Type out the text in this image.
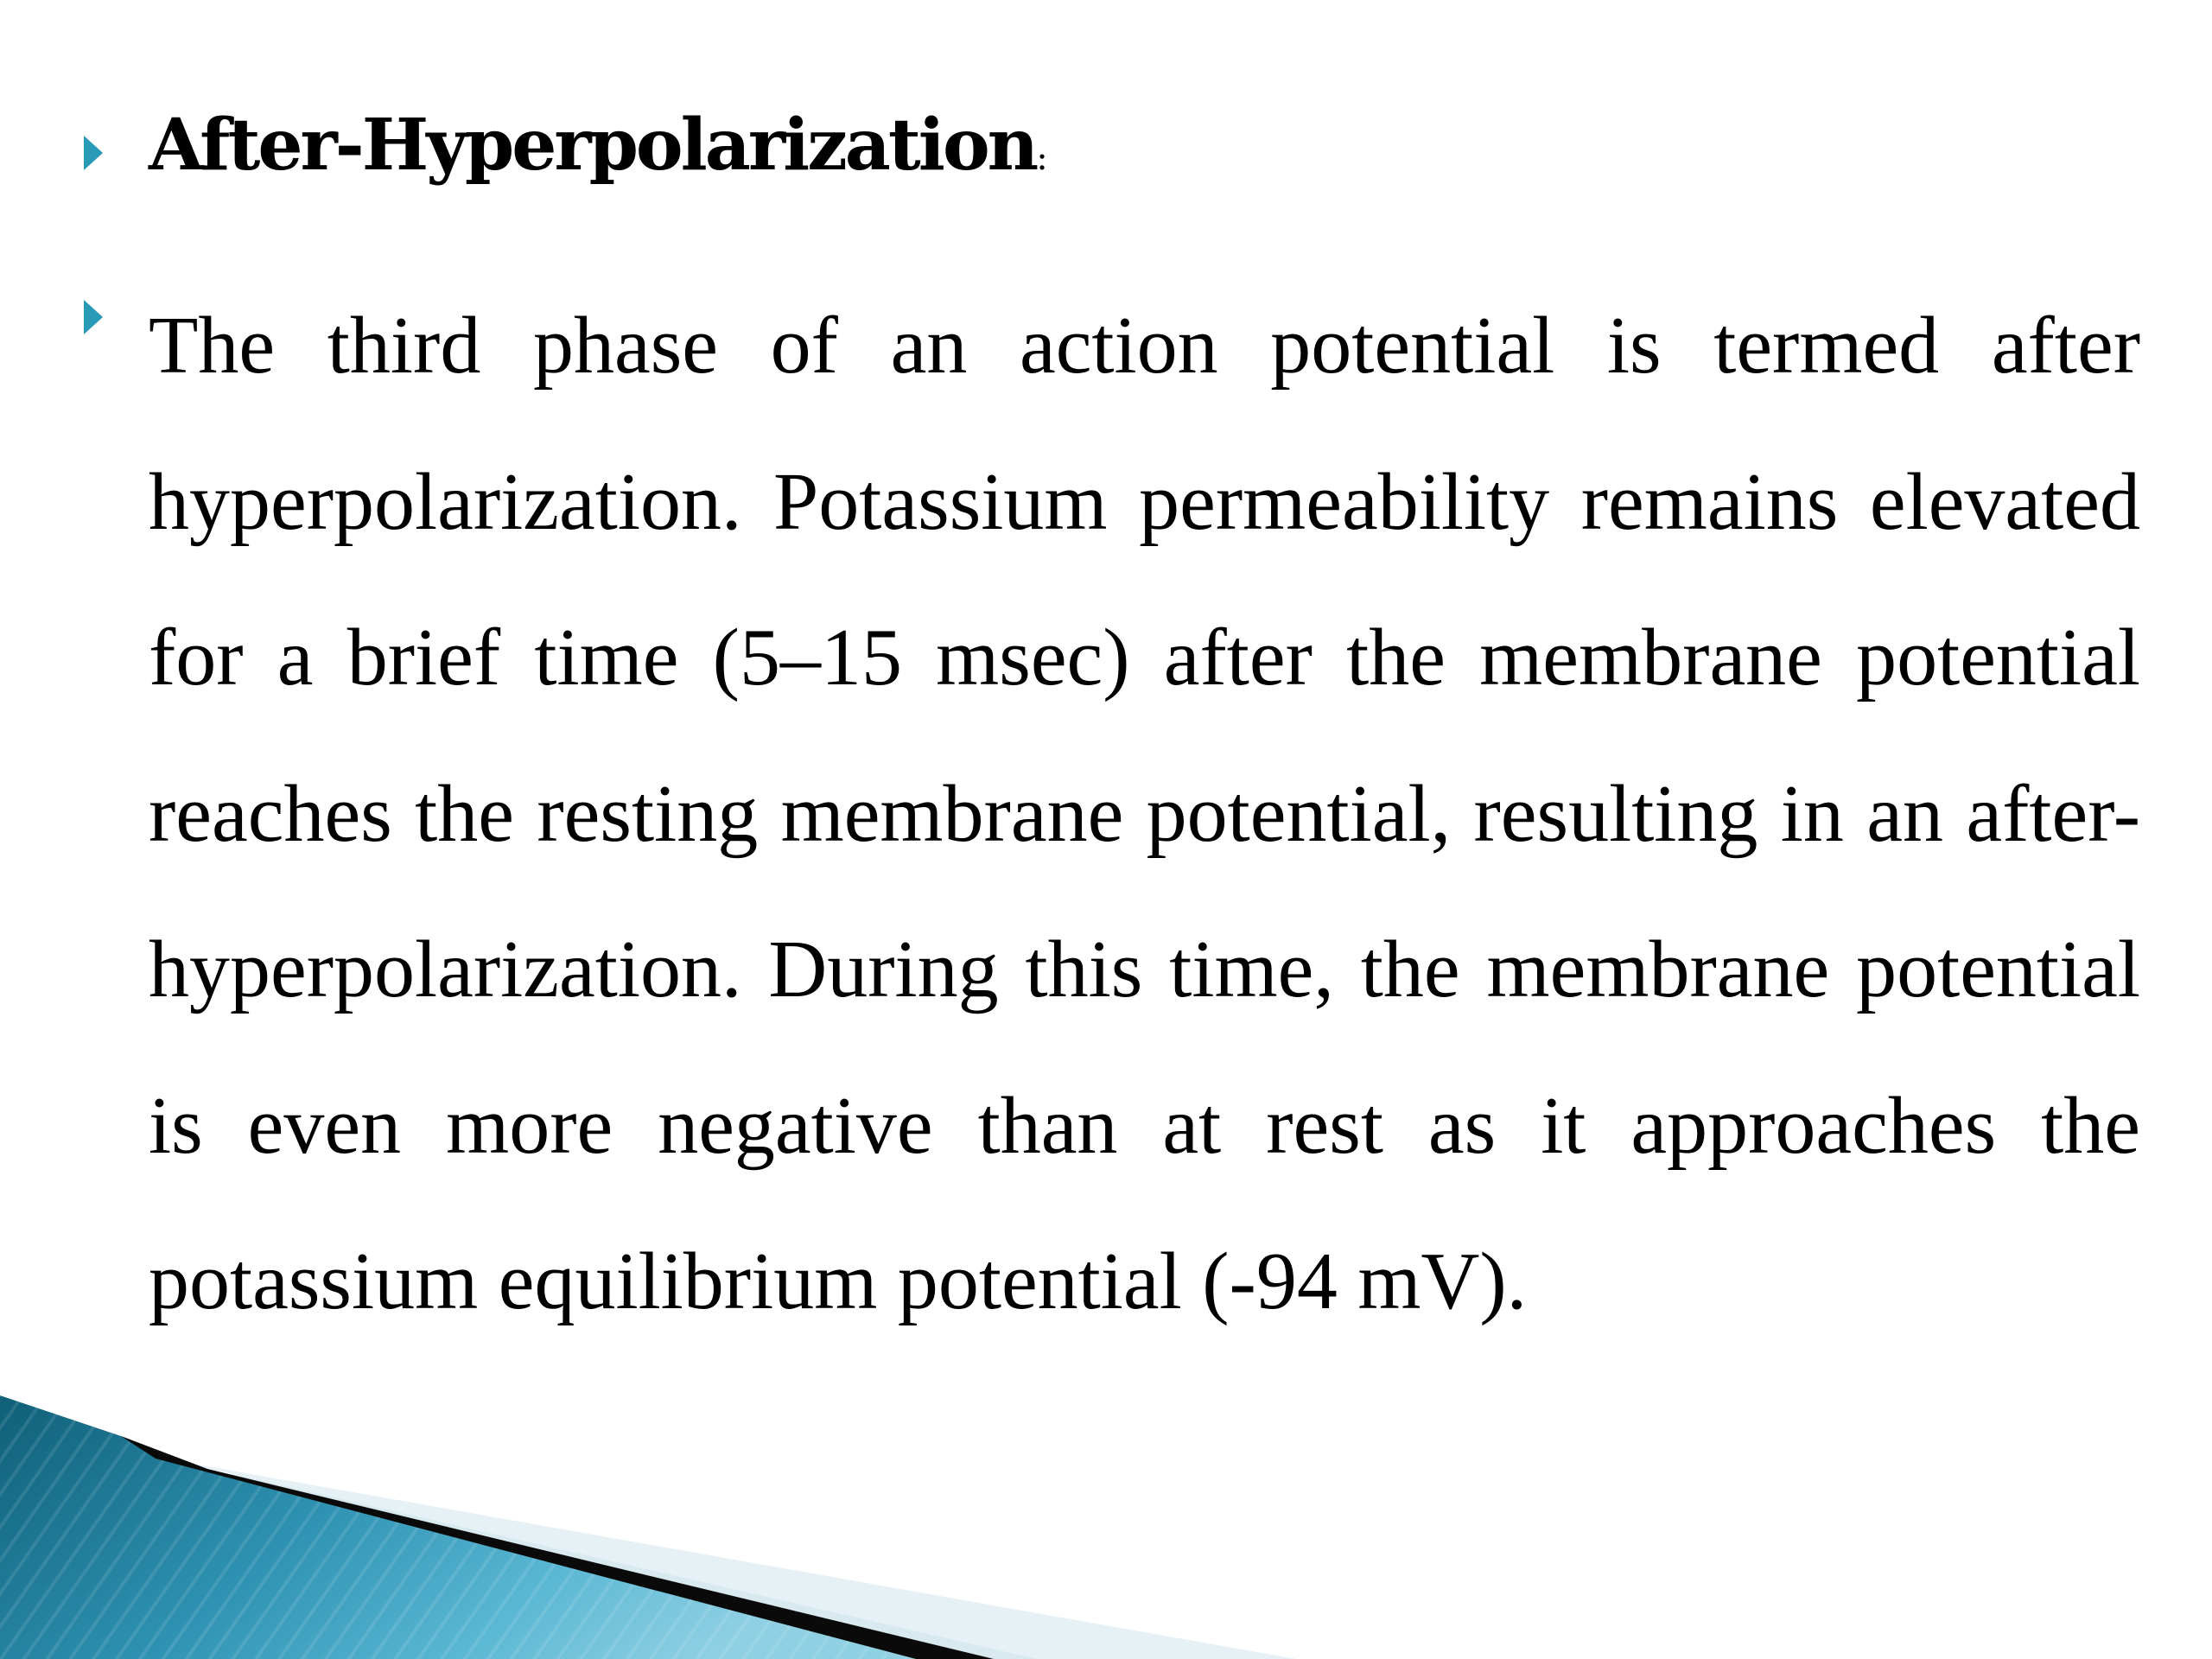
After-Hyperpolarization:

The third phase of an action potential is termed after hyperpolarization. Potassium permeability remains elevated for a brief time (5–15 msec) after the membrane potential reaches the resting membrane potential, resulting in an after-hyperpolarization. During this time, the membrane potential is even more negative than at rest as it approaches the potassium equilibrium potential (-94 mV).
